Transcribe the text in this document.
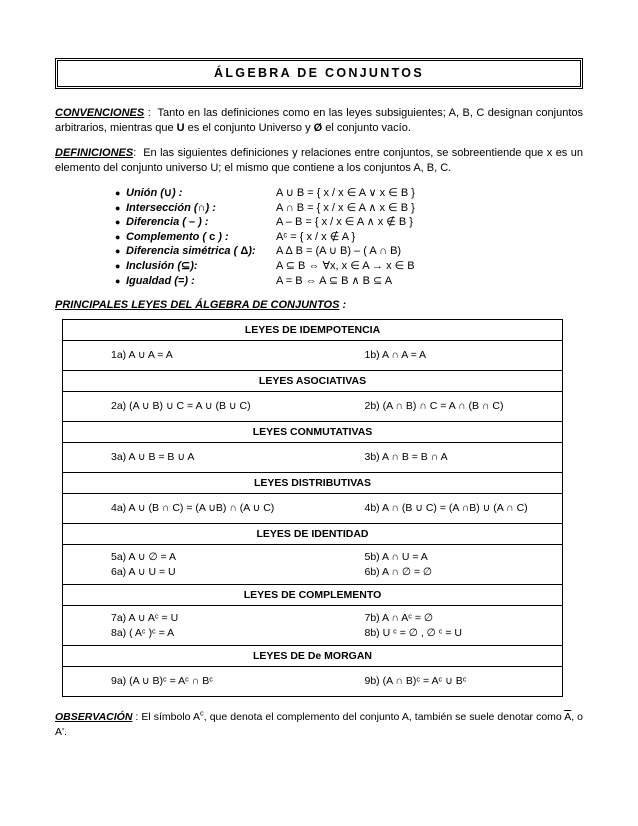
ÁLGEBRA DE CONJUNTOS

CONVENCIONES : Tanto en las definiciones como en las leyes subsiguientes; A, B, C designan conjuntos arbitrarios, mientras que U es el conjunto Universo y Ø el conjunto vacío.

DEFINICIONES: En las siguientes definiciones y relaciones entre conjuntos, se sobreentiende que x es un elemento del conjunto universo U; el mismo que contiene a los conjuntos A, B, C.

● Unión (∪) :	A ∪ B = { x / x ∈ A ∨ x ∈ B }
● Intersección (∩) :	A ∩ B = { x / x ∈ A ∧ x ∈ B }
● Diferencia ( – ) :	A – B = { x / x ∈ A ∧ x ∉ B }
● Complemento ( c ) :	Aᶜ = { x / x ∉ A }
● Diferencia simétrica ( Δ):	A ∆ B = (A ∪ B) – ( A ∩ B)
● Inclusión (⊆):	A ⊆ B ⇔ ∀x, x ∈ A → x ∈ B
● Igualdad (=) :	A = B ⇔ A ⊆ B ∧ B ⊆ A
PRINCIPALES LEYES DEL ÁLGEBRA DE CONJUNTOS :
LEYES DE IDEMPOTENCIA

1a) A ∪ A = A	1b) A ∩ A = A

LEYES ASOCIATIVAS

2a) (A ∪ B) ∪ C = A ∪ (B ∪ C)	2b) (A ∩ B) ∩ C = A ∩ (B ∩ C)

LEYES CONMUTATIVAS

3a) A ∪ B = B ∪ A	3b) A ∩ B = B ∩ A

LEYES DISTRIBUTIVAS

4a) A ∪ (B ∩ C) = (A ∪B) ∩ (A ∪ C)	4b) A ∩ (B ∪ C) = (A ∩B) ∪ (A ∩ C)

LEYES DE IDENTIDAD

5a) A ∪ ∅ = A	5b) A ∩ U = A
6a) A ∪ U = U	6b) A ∩ ∅ = ∅

LEYES DE COMPLEMENTO

7a) A ∪ Aᶜ = U	7b) A ∩ Aᶜ = ∅
8a) ( Aᶜ )ᶜ = A	8b) U ᶜ = ∅ , ∅ ᶜ = U

LEYES DE De MORGAN

9a) (A ∪ B)ᶜ = Aᶜ ∩ Bᶜ	9b) (A ∩ B)ᶜ = Aᶜ ∪ Bᶜ

OBSERVACIÓN : El símbolo $A^c$, que denota el complemento del conjunto A, también se suele denotar como $\overline{A}$, o A'.
